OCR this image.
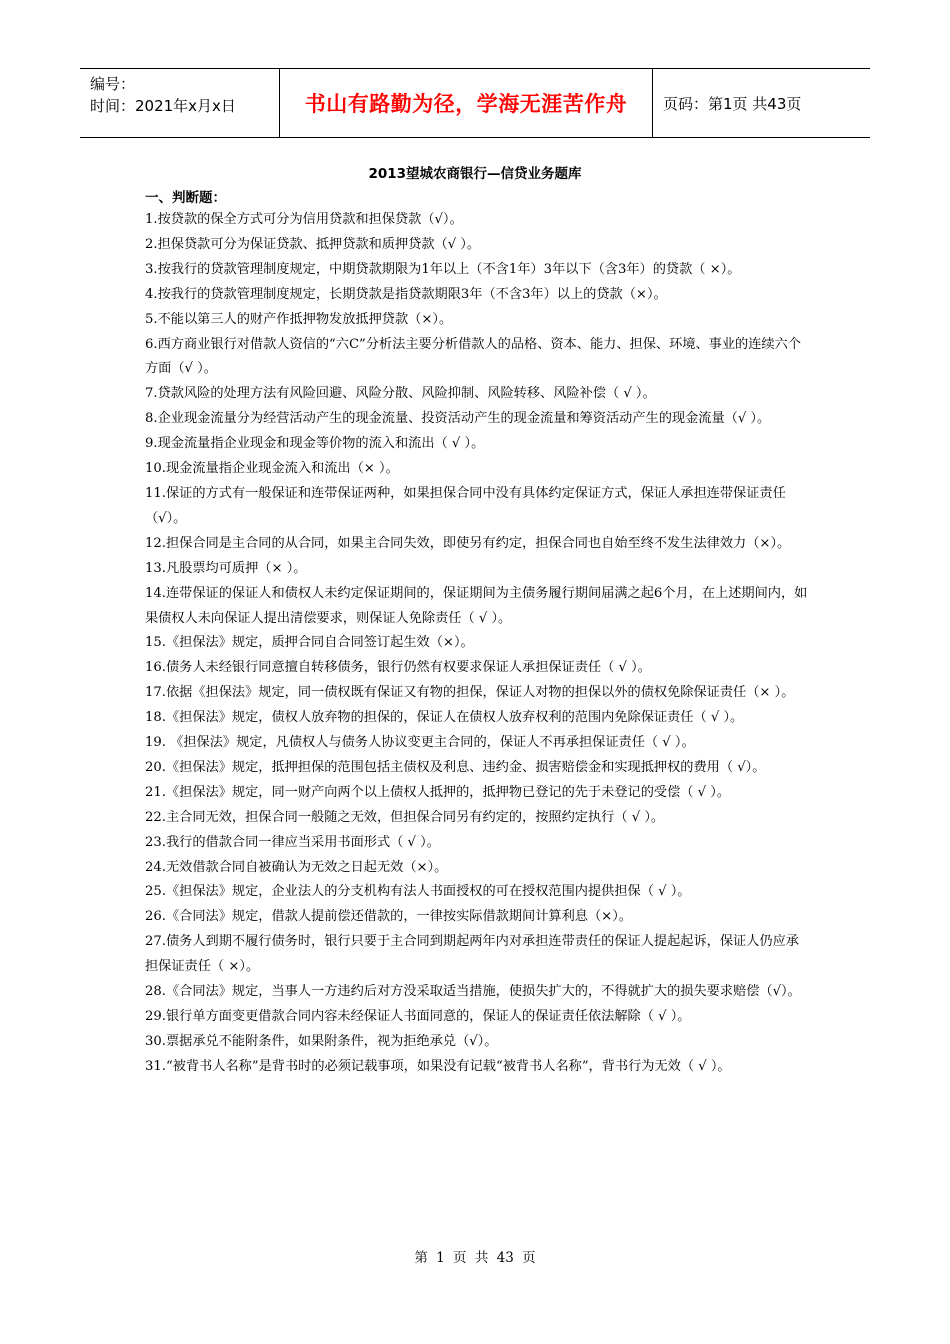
编号：
时间：2021年x月x日	书山有路勤为径，学海无涯苦作舟	页码：第1页 共43页
2013望城农商银行—信贷业务题库
一、判断题：

1.按贷款的保全方式可分为信用贷款和担保贷款（√）。

2.担保贷款可分为保证贷款、抵押贷款和质押贷款（√ ）。

3.按我行的贷款管理制度规定，中期贷款期限为1年以上（不含1年）3年以下（含3年）的贷款（ ×）。

4.按我行的贷款管理制度规定，长期贷款是指贷款期限3年（不含3年）以上的贷款（×）。

5.不能以第三人的财产作抵押物发放抵押贷款（×）。

6.西方商业银行对借款人资信的“六C”分析法主要分析借款人的品格、资本、能力、担保、环境、事业的连续六个方面（√ ）。

7.贷款风险的处理方法有风险回避、风险分散、风险抑制、风险转移、风险补偿（ √ ）。

8.企业现金流量分为经营活动产生的现金流量、投资活动产生的现金流量和筹资活动产生的现金流量（√ ）。

9.现金流量指企业现金和现金等价物的流入和流出（ √ ）。

10.现金流量指企业现金流入和流出（× ）。

11.保证的方式有一般保证和连带保证两种，如果担保合同中没有具体约定保证方式，保证人承担连带保证责任（√）。

12.担保合同是主合同的从合同，如果主合同失效，即使另有约定，担保合同也自始至终不发生法律效力（×）。

13.凡股票均可质押（× ）。

14.连带保证的保证人和债权人未约定保证期间的，保证期间为主债务履行期间届满之起6个月，在上述期间内，如果债权人未向保证人提出清偿要求，则保证人免除责任（ √ ）。

15.《担保法》规定，质押合同自合同签订起生效（×）。

16.债务人未经银行同意擅自转移债务，银行仍然有权要求保证人承担保证责任（ √ ）。

17.依据《担保法》规定，同一债权既有保证又有物的担保，保证人对物的担保以外的债权免除保证责任（× ）。

18.《担保法》规定，债权人放弃物的担保的，保证人在债权人放弃权利的范围内免除保证责任（ √ ）。

19. 《担保法》规定，凡债权人与债务人协议变更主合同的，保证人不再承担保证责任（ √ ）。

20.《担保法》规定，抵押担保的范围包括主债权及利息、违约金、损害赔偿金和实现抵押权的费用（ √）。

21.《担保法》规定，同一财产向两个以上债权人抵押的，抵押物已登记的先于未登记的受偿（ √ ）。

22.主合同无效，担保合同一般随之无效，但担保合同另有约定的，按照约定执行（ √ ）。

23.我行的借款合同一律应当采用书面形式（ √ ）。

24.无效借款合同自被确认为无效之日起无效（×）。

25.《担保法》规定，企业法人的分支机构有法人书面授权的可在授权范围内提供担保（ √ ）。

26.《合同法》规定，借款人提前偿还借款的，一律按实际借款期间计算利息（×）。

27.债务人到期不履行债务时，银行只要于主合同到期起两年内对承担连带责任的保证人提起起诉，保证人仍应承担保证责任（ ×）。

28.《合同法》规定，当事人一方违约后对方没采取适当措施，使损失扩大的，不得就扩大的损失要求赔偿（√）。

29.银行单方面变更借款合同内容未经保证人书面同意的，保证人的保证责任依法解除（ √ ）。

30.票据承兑不能附条件，如果附条件，视为拒绝承兑（√）。

31.“被背书人名称”是背书时的必须记载事项，如果没有记载“被背书人名称”，背书行为无效（ √ ）。

第 1 页 共 43 页
